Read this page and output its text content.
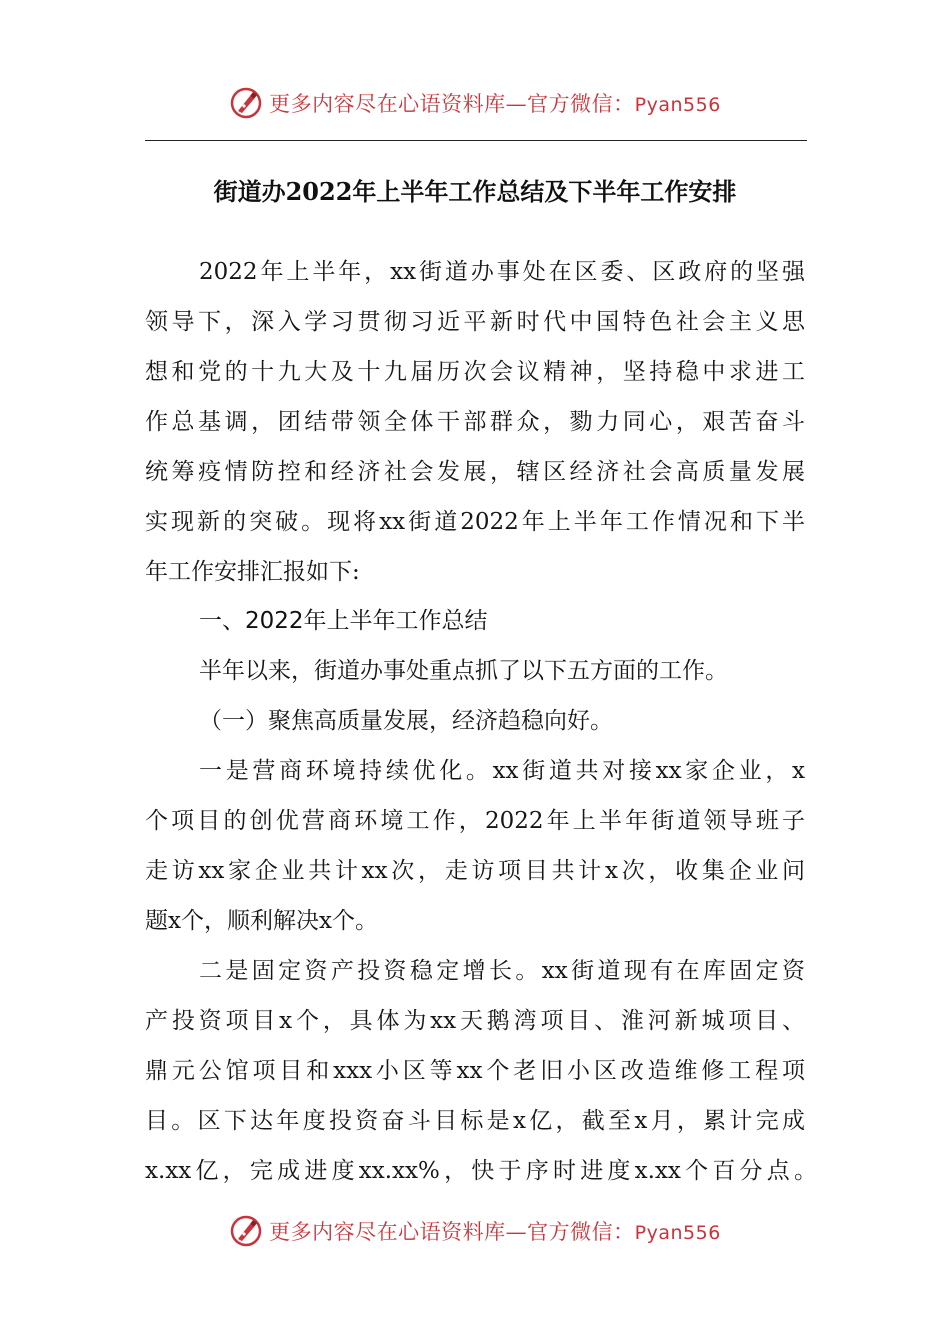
更多内容尽在心语资料库—官方微信：Pyan556
街道办2022年上半年工作总结及下半年工作安排
2022年上半年，xx街道办事处在区委、区政府的坚强
领导下，深入学习贯彻习近平新时代中国特色社会主义思
想和党的十九大及十九届历次会议精神，坚持稳中求进工
作总基调，团结带领全体干部群众，勠力同心，艰苦奋斗
统筹疫情防控和经济社会发展，辖区经济社会高质量发展
实现新的突破。现将xx街道2022年上半年工作情况和下半
年工作安排汇报如下:
一、2022年上半年工作总结
半年以来，街道办事处重点抓了以下五方面的工作。
（一）聚焦高质量发展，经济趋稳向好。
一是营商环境持续优化。xx街道共对接xx家企业，x
个项目的创优营商环境工作，2022年上半年街道领导班子
走访xx家企业共计xx次，走访项目共计x次，收集企业问
题x个，顺利解决x个。
二是固定资产投资稳定增长。xx街道现有在库固定资
产投资项目x个，具体为xx天鹅湾项目、淮河新城项目、
鼎元公馆项目和xxx小区等xx个老旧小区改造维修工程项
目。区下达年度投资奋斗目标是x亿，截至x月，累计完成
x.xx亿，完成进度xx.xx%，快于序时进度x.xx个百分点。
更多内容尽在心语资料库—官方微信：Pyan556
